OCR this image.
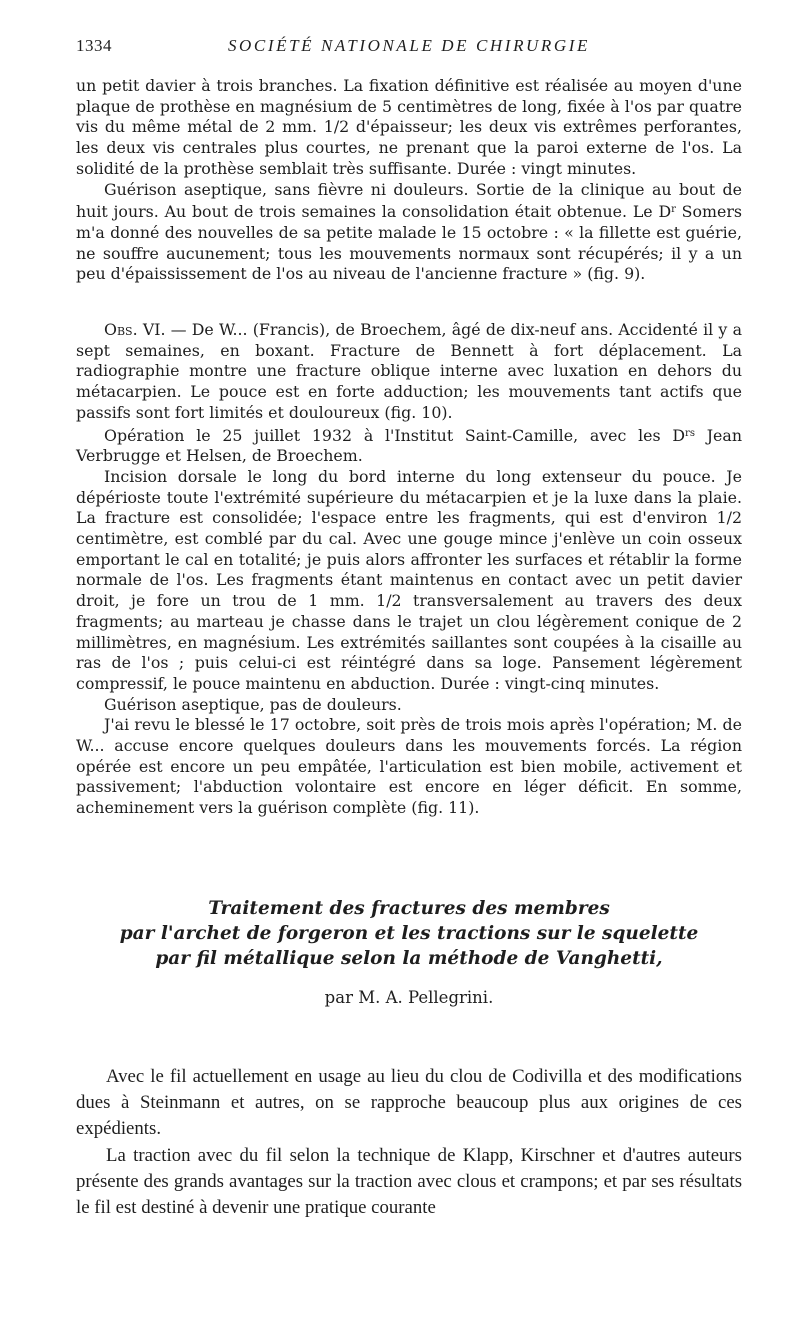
1334	SOCIÉTÉ NATIONALE DE CHIRURGIE

un petit davier à trois branches. La fixation définitive est réalisée au moyen d'une plaque de prothèse en magnésium de 5 centimètres de long, fixée à l'os par quatre vis du même métal de 2 mm. 1/2 d'épaisseur; les deux vis extrêmes perforantes, les deux vis centrales plus courtes, ne prenant que la paroi externe de l'os. La solidité de la prothèse semblait très suffisante. Durée : vingt minutes.

Guérison aseptique, sans fièvre ni douleurs. Sortie de la clinique au bout de huit jours. Au bout de trois semaines la consolidation était obtenue. Le $D^r$ Somers m'a donné des nouvelles de sa petite malade le 15 octobre : « la fillette est guérie, ne souffre aucunement; tous les mouvements normaux sont récupérés; il y a un peu d'épaississement de l'os au niveau de l'ancienne fracture » (fig. 9).

Obs. VI. — De W... (Francis), de Broechem, âgé de dix-neuf ans. Accidenté il y a sept semaines, en boxant. Fracture de Bennett à fort déplacement. La radiographie montre une fracture oblique interne avec luxation en dehors du métacarpien. Le pouce est en forte adduction; les mouvements tant actifs que passifs sont fort limités et douloureux (fig. 10).

Opération le 25 juillet 1932 à l'Institut Saint-Camille, avec les $D^{rs}$ Jean Verbrugge et Helsen, de Broechem.

Incision dorsale le long du bord interne du long extenseur du pouce. Je dépérioste toute l'extrémité supérieure du métacarpien et je la luxe dans la plaie. La fracture est consolidée; l'espace entre les fragments, qui est d'environ 1/2 centimètre, est comblé par du cal. Avec une gouge mince j'enlève un coin osseux emportant le cal en totalité; je puis alors affronter les surfaces et rétablir la forme normale de l'os. Les fragments étant maintenus en contact avec un petit davier droit, je fore un trou de 1 mm. 1/2 transversalement au travers des deux fragments; au marteau je chasse dans le trajet un clou légèrement conique de 2 millimètres, en magnésium. Les extrémités saillantes sont coupées à la cisaille au ras de l'os ; puis celui-ci est réintégré dans sa loge. Pansement légèrement compressif, le pouce maintenu en abduction. Durée : vingt-cinq minutes.

Guérison aseptique, pas de douleurs.

J'ai revu le blessé le 17 octobre, soit près de trois mois après l'opération; M. de W... accuse encore quelques douleurs dans les mouvements forcés. La région opérée est encore un peu empâtée, l'articulation est bien mobile, activement et passivement; l'abduction volontaire est encore en léger déficit. En somme, acheminement vers la guérison complète (fig. 11).

Traitement des fractures des membres
par l'archet de forgeron et les tractions sur le squelette
par fil métallique selon la méthode de Vanghetti,
par M. A. Pellegrini.

Avec le fil actuellement en usage au lieu du clou de Codivilla et des modifications dues à Steinmann et autres, on se rapproche beaucoup plus aux origines de ces expédients.

La traction avec du fil selon la technique de Klapp, Kirschner et d'autres auteurs présente des grands avantages sur la traction avec clous et crampons; et par ses résultats le fil est destiné à devenir une pratique courante
